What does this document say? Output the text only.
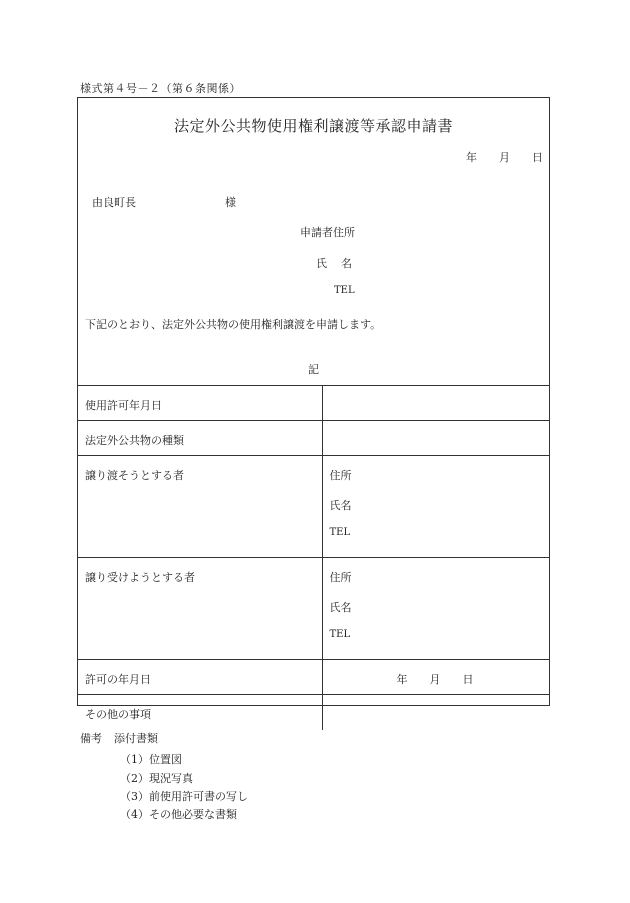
様式第４号－２（第６条関係）
法定外公共物使用権利譲渡等承認申請書
年 月 日
由良町長	様
申請者住所
氏 名
TEL
下記のとおり、法定外公共物の使用権利譲渡を申請します。
記
使用許可年月日	
法定外公共物の種類	
譲り渡そうとする者	住所
氏名
TEL

譲り受けようとする者	住所
氏名
TEL

許可の年月日	年 月 日
その他の事項	
備考 添付書類
（1）位置図
（2）現況写真
（3）前使用許可書の写し
（4）その他必要な書類
